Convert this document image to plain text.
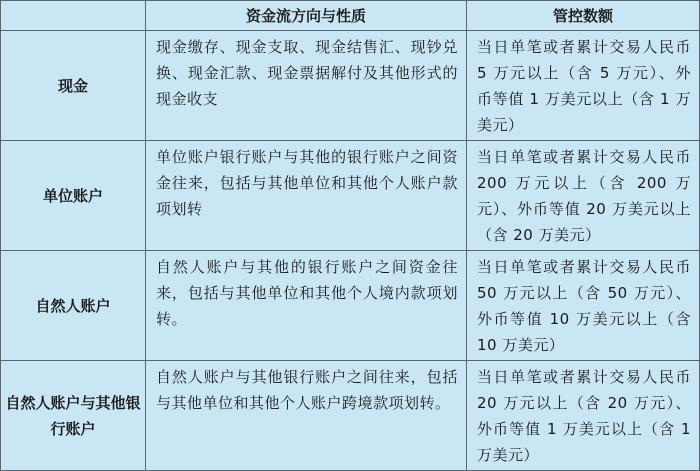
	资金流方向与性质	管控数额
现金	现金缴存、现金支取、现金结售汇、现钞兑换、现金汇款、现金票据解付及其他形式的现金收支	当日单笔或者累计交易人民币 5 万元以上（含 5 万元）、外币等值 1 万美元以上（含 1 万美元）
单位账户	单位账户银行账户与其他的银行账户之间资金往来，包括与其他单位和其他个人账户款项划转	当日单笔或者累计交易人民币 200 万元以上（含 200 万元）、外币等值 20 万美元以上（含 20 万美元）
自然人账户	自然人账户与其他的银行账户之间资金往来，包括与其他单位和其他个人境内款项划转。	当日单笔或者累计交易人民币 50 万元以上（含 50 万元）、外币等值 10 万美元以上（含 10 万美元）
自然人账户与其他银行账户	自然人账户与其他银行账户之间往来，包括与其他单位和其他个人账户跨境款项划转。	当日单笔或者累计交易人民币 20 万元以上（含 20 万元）、外币等值 1 万美元以上（含 1 万美元）
